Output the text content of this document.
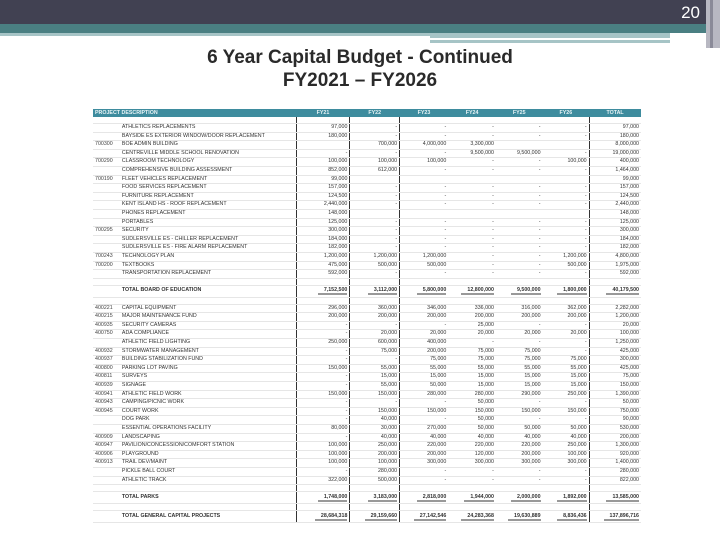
20
6 Year Capital Budget - Continued
FY2021 – FY2026
PROJECT DESCRIPTION		FY21	FY22	FY23	FY24	FY25	FY26	TOTAL

	ATHLETICS REPLACEMENTS	97,000	-	-	-	-	-	97,000
	BAYSIDE ES EXTERIOR WINDOW/DOOR REPLACEMENT	180,000	-	-	-	-	-	180,000
700300	BOE ADMIN BUILDING		700,000	4,000,000	3,300,000			8,000,000
	CENTREVILLE MIDDLE SCHOOL RENOVATION	-	-	-	9,500,000	9,500,000	-	19,000,000
700290	CLASSROOM TECHNOLOGY	100,000	100,000	100,000	-	-	100,000	400,000
	COMPREHENSIVE BUILDING ASSESSMENT	852,000	612,000	-	-	-	-	1,464,000
700190	FLEET VEHICLES REPLACEMENT	99,000						99,000
	FOOD SERVICES REPLACEMENT	157,000	-	-	-	-	-	157,000
	FURNITURE REPLACEMENT	124,500	-	-	-	-	-	124,500
	KENT ISLAND HS - ROOF REPLACEMENT	2,440,000	-	-	-	-	-	2,440,000
	PHONES REPLACEMENT	148,000						148,000
	PORTABLES	125,000	-	-	-	-	-	125,000
700295	SECURITY	300,000	-	-	-	-	-	300,000
	SUDLERSVILLE ES - CHILLER REPLACEMENT	184,000	-	-	-	-	-	184,000
	SUDLERSVILLE ES - FIRE ALARM REPLACEMENT	182,000	-	-	-	-	-	182,000
700243	TECHNOLOGY PLAN	1,200,000	1,200,000	1,200,000	-	-	1,200,000	4,800,000
700200	TEXTBOOKS	475,000	500,000	500,000	-	-	500,000	1,975,000
	TRANSPORTATION REPLACEMENT	592,000	-	-	-	-	-	592,000

	TOTAL BOARD OF EDUCATION	7,152,500	3,112,000	5,800,000	12,800,000	9,500,000	1,800,000	40,179,500

400221	CAPITAL EQUIPMENT	296,000	360,000	346,000	336,000	316,000	362,000	2,282,000
400215	MAJOR MAINTENANCE FUND	200,000	200,000	200,000	200,000	200,000	200,000	1,200,000
400935	SECURITY CAMERAS	-	-	-	25,000	-	-	20,000
400750	ADA COMPLIANCE	-	20,000	20,000	20,000	20,000	20,000	100,000
	ATHLETIC FIELD LIGHTING	250,000	600,000	400,000	-	-	-	1,250,000
400932	STORMWATER MANAGEMENT	-	75,000	200,000	75,000	75,000	-	425,000
400937	BUILDING STABILIZATION FUND	-	-	75,000	75,000	75,000	75,000	300,000
400800	PARKING LOT PAVING	150,000	55,000	55,000	55,000	55,000	55,000	425,000
400811	SURVEYS	-	15,000	15,000	15,000	15,000	15,000	75,000
400939	SIGNAGE	-	55,000	50,000	15,000	15,000	15,000	150,000
400941	ATHLETIC FIELD WORK	150,000	150,000	280,000	280,000	290,000	250,000	1,390,000
400943	CAMPING/PICNIC WORK	-	-	-	50,000	-	-	50,000
400945	COURT WORK	-	150,000	150,000	150,000	150,000	150,000	750,000
	DOG PARK	-	40,000	-	50,000	-	-	90,000
	ESSENTIAL OPERATIONS FACILITY	80,000	30,000	270,000	50,000	50,000	50,000	530,000
400909	LANDSCAPING	-	40,000	40,000	40,000	40,000	40,000	200,000
400947	PAVILION/CONCESSION/COMFORT STATION	100,000	250,000	220,000	220,000	220,000	250,000	1,300,000
400906	PLAYGROUND	100,000	200,000	200,000	120,000	200,000	100,000	920,000
400913	TRAIL DEV/MAINT	100,000	100,000	300,000	300,000	300,000	300,000	1,400,000
	PICKLE BALL COURT	-	280,000	-	-	-	-	280,000
	ATHLETIC TRACK	322,000	500,000	-	-	-	-	822,000

	TOTAL PARKS	1,748,000	3,183,000	2,818,000	1,944,000	2,000,000	1,892,000	13,585,000

	TOTAL GENERAL CAPITAL PROJECTS	28,684,318	29,159,660	27,142,546	24,283,368	19,630,889	8,836,436	137,896,716
